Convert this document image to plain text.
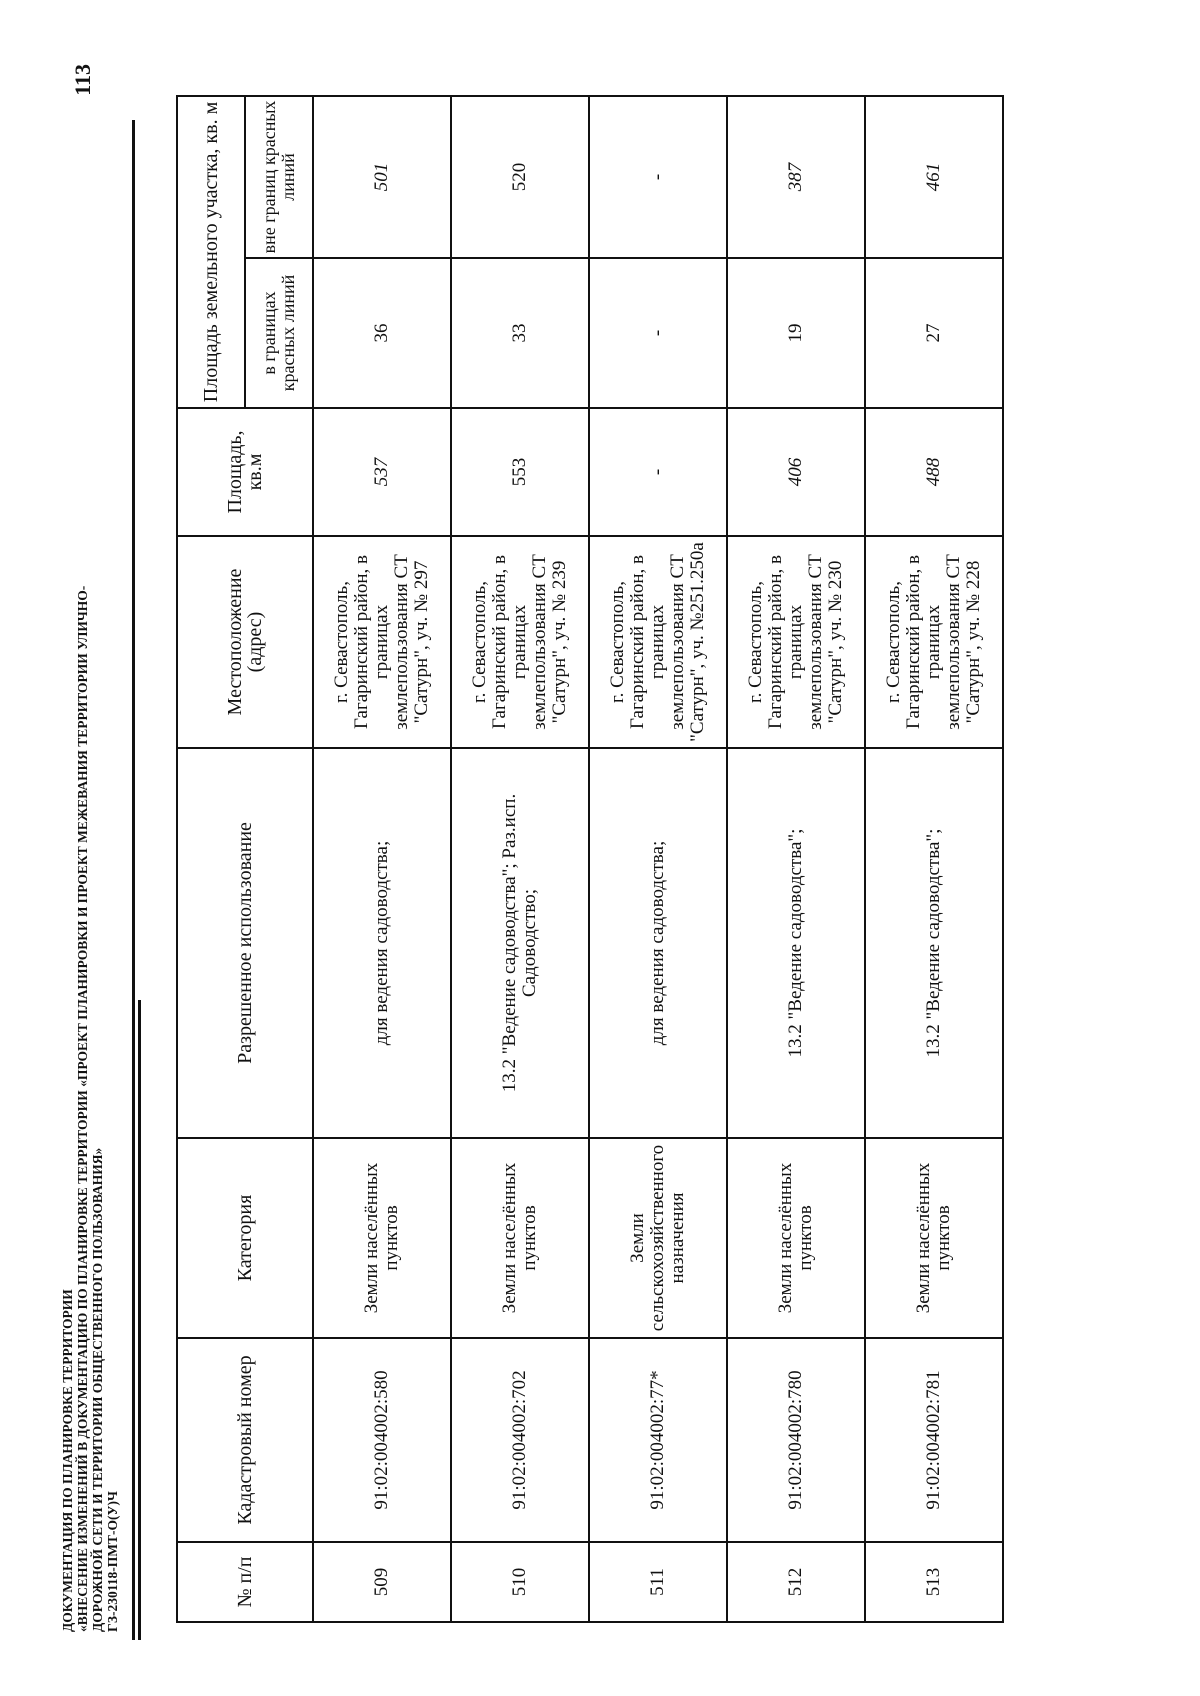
113
ДОКУМЕНТАЦИЯ ПО ПЛАНИРОВКЕ ТЕРРИТОРИИ «ВНЕСЕНИЕ ИЗМЕНЕНИЙ В ДОКУМЕНТАЦИЮ ПО ПЛАНИРОВКЕ ТЕРРИТОРИИ «ПРОЕКТ ПЛАНИРОВКИ И ПРОЕКТ МЕЖЕВАНИЯ ТЕРРИТОРИИ УЛИЧНО- ДОРОЖНОЙ СЕТИ И ТЕРРИТОРИИ ОБЩЕСТВЕННОГО ПОЛЬЗОВАНИЯ» ГЗ-230118-ПМТ-О(У)Ч	№ п/п	Кадастровый номер	Категория	Разрешенное использование	Местоположение (адрес)	Площадь, кв.м	Площадь земельного участка, кв. м	
						в границах красных линий	вне границ красных линий
509	91:02:004002:580	Земли населённых пунктов	для ведения садоводства;	г. Севастополь, Гагаринский район, в границах землепользования СТ "Сатурн", уч. № 297	537	36	501
510	91:02:004002:702	Земли населённых пунктов	13.2 "Ведение садоводства"; Раз.исп. Садоводство;	г. Севастополь, Гагаринский район, в границах землепользования СТ "Сатурн", уч. № 239	553	33	520
511	91:02:004002:77*	Земли сельскохозяйственного назначения	для ведения садоводства;	г. Севастополь, Гагаринский район, в границах землепользования СТ "Сатурн", уч. №251.250а	-	-	-
512	91:02:004002:780	Земли населённых пунктов	13.2 "Ведение садоводства";	г. Севастополь, Гагаринский район, в границах землепользования СТ "Сатурн", уч. № 230	406	19	387
513	91:02:004002:781	Земли населённых пунктов	13.2 "Ведение садоводства";	г. Севастополь, Гагаринский район, в границах землепользования СТ "Сатурн", уч. № 228	488	27	461
